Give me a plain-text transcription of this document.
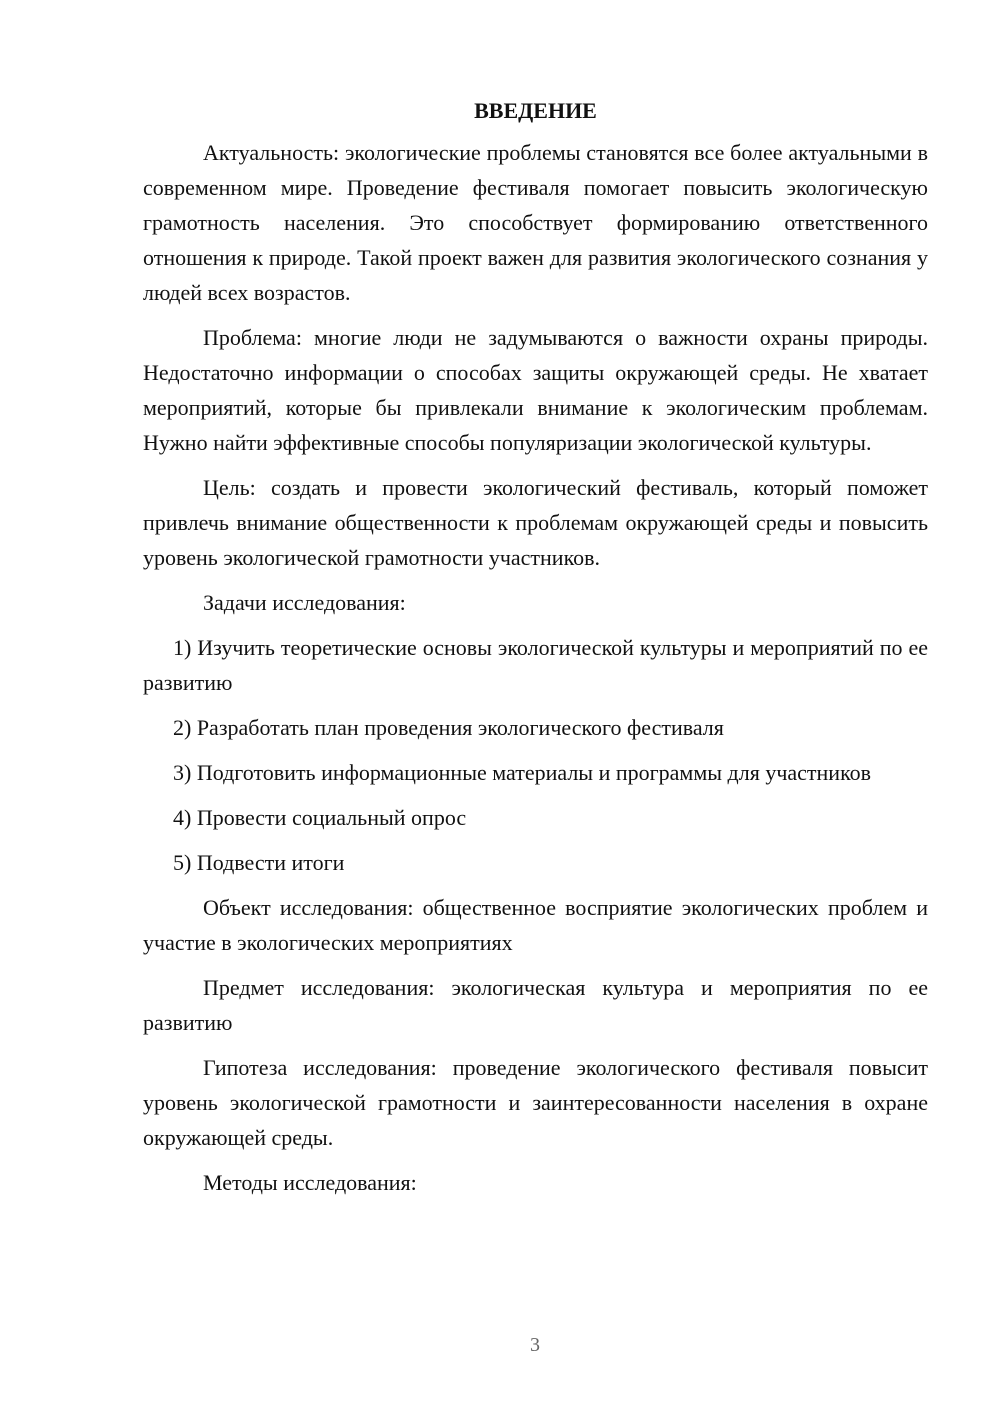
ВВЕДЕНИЕ

Актуальность: экологические проблемы становятся все более актуальными в современном мире. Проведение фестиваля помогает повысить экологическую грамотность населения. Это способствует формированию ответственного отношения к природе. Такой проект важен для развития экологического сознания у людей всех возрастов.

Проблема: многие люди не задумываются о важности охраны природы. Недостаточно информации о способах защиты окружающей среды. Не хватает мероприятий, которые бы привлекали внимание к экологическим проблемам. Нужно найти эффективные способы популяризации экологической культуры.

Цель: создать и провести экологический фестиваль, который поможет привлечь внимание общественности к проблемам окружающей среды и повысить уровень экологической грамотности участников.

Задачи исследования:

1) Изучить теоретические основы экологической культуры и мероприятий по ее развитию

2) Разработать план проведения экологического фестиваля

3) Подготовить информационные материалы и программы для участников

4) Провести социальный опрос

5) Подвести итоги

Объект исследования: общественное восприятие экологических проблем и участие в экологических мероприятиях

Предмет исследования: экологическая культура и мероприятия по ее развитию

Гипотеза исследования: проведение экологического фестиваля повысит уровень экологической грамотности и заинтересованности населения в охране окружающей среды.

Методы исследования:

3
